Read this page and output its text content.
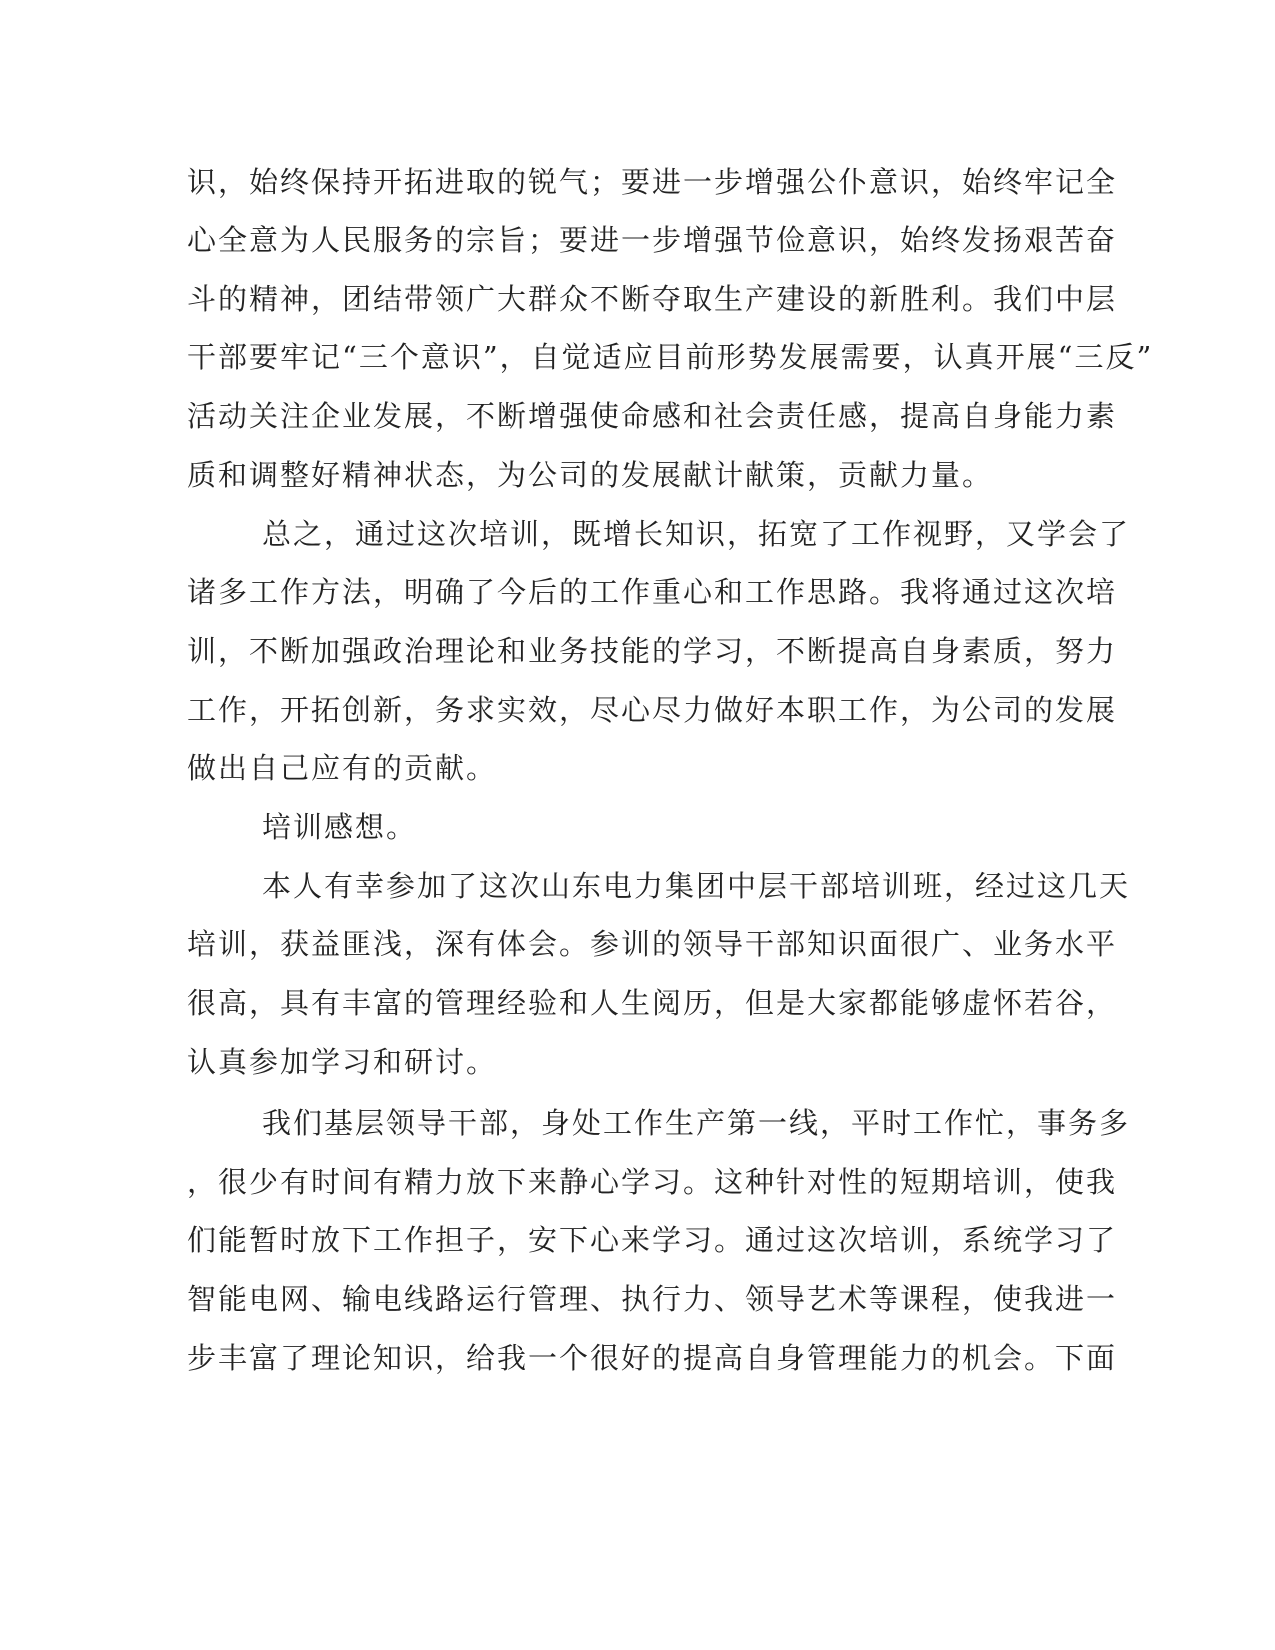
识，始终保持开拓进取的锐气；要进一步增强公仆意识，始终牢记全
心全意为人民服务的宗旨；要进一步增强节俭意识，始终发扬艰苦奋
斗的精神，团结带领广大群众不断夺取生产建设的新胜利。我们中层
干部要牢记“三个意识”，自觉适应目前形势发展需要，认真开展“三反”
活动关注企业发展，不断增强使命感和社会责任感，提高自身能力素
质和调整好精神状态，为公司的发展献计献策，贡献力量。
总之，通过这次培训，既增长知识，拓宽了工作视野，又学会了
诸多工作方法，明确了今后的工作重心和工作思路。我将通过这次培
训，不断加强政治理论和业务技能的学习，不断提高自身素质，努力
工作，开拓创新，务求实效，尽心尽力做好本职工作，为公司的发展
做出自己应有的贡献。
培训感想。
本人有幸参加了这次山东电力集团中层干部培训班，经过这几天
培训，获益匪浅，深有体会。参训的领导干部知识面很广、业务水平
很高，具有丰富的管理经验和人生阅历，但是大家都能够虚怀若谷，
认真参加学习和研讨。
我们基层领导干部，身处工作生产第一线，平时工作忙，事务多
，很少有时间有精力放下来静心学习。这种针对性的短期培训，使我
们能暂时放下工作担子，安下心来学习。通过这次培训，系统学习了
智能电网、输电线路运行管理、执行力、领导艺术等课程，使我进一
步丰富了理论知识，给我一个很好的提高自身管理能力的机会。下面
